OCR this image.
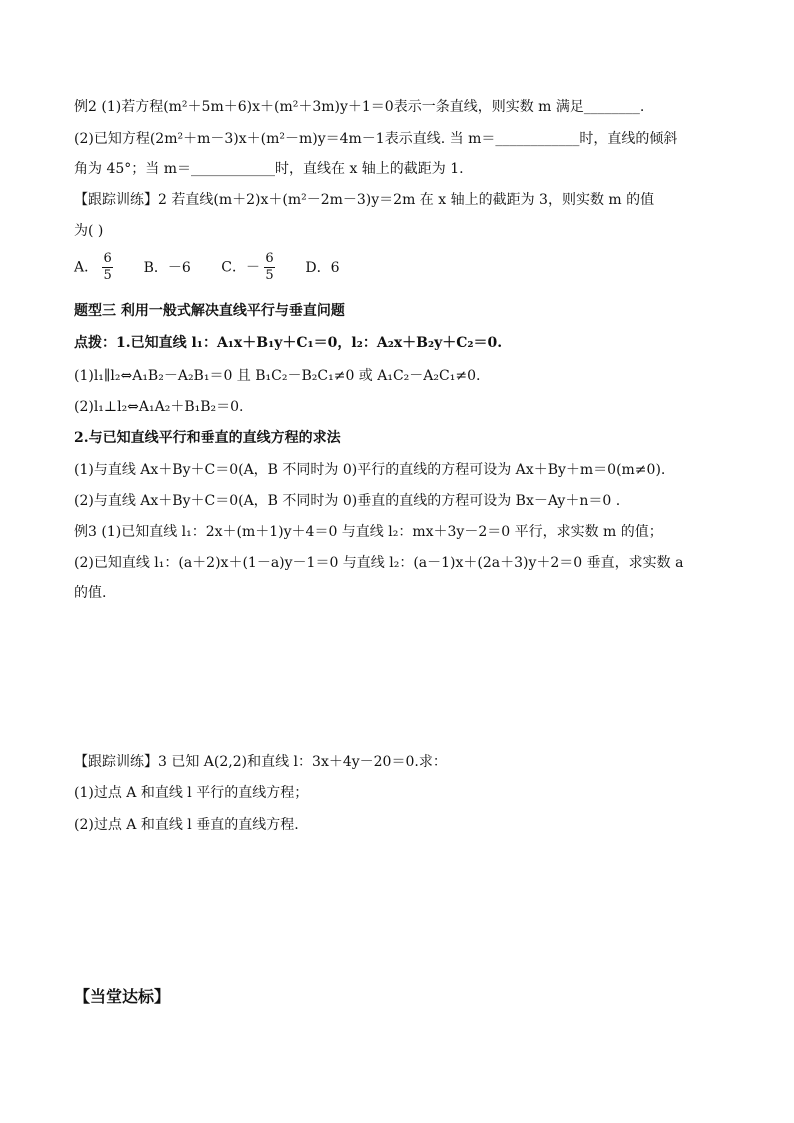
例2 (1)若方程(m²＋5m＋6)x＋(m²＋3m)y＋1＝0表示一条直线，则实数 m 满足________.
(2)已知方程(2m²＋m－3)x＋(m²－m)y＝4m－1表示直线. 当 m＝____________时，直线的倾斜
角为 45°；当 m＝____________时，直线在 x 轴上的截距为 1.
【跟踪训练】2 若直线(m＋2)x＋(m²－2m－3)y＝2m 在 x 轴上的截距为 3，则实数 m 的值
为( )
A． $\frac{6}{5}$ B．－6 C．－ $\frac{6}{5}$ D．6
题型三 利用一般式解决直线平行与垂直问题
点拨：1.已知直线 l₁：A₁x＋B₁y＋C₁＝0，l₂：A₂x＋B₂y＋C₂＝0.
(1)l₁∥l₂⇔A₁B₂－A₂B₁＝0 且 B₁C₂－B₂C₁≠0 或 A₁C₂－A₂C₁≠0.
(2)l₁⊥l₂⇔A₁A₂＋B₁B₂＝0.
2.与已知直线平行和垂直的直线方程的求法
(1)与直线 Ax＋By＋C＝0(A，B 不同时为 0)平行的直线的方程可设为 Ax＋By＋m＝0(m≠0).
(2)与直线 Ax＋By＋C＝0(A，B 不同时为 0)垂直的直线的方程可设为 Bx－Ay＋n＝0 .
例3 (1)已知直线 l₁：2x＋(m＋1)y＋4＝0 与直线 l₂：mx＋3y－2＝0 平行，求实数 m 的值；
(2)已知直线 l₁：(a＋2)x＋(1－a)y－1＝0 与直线 l₂：(a－1)x＋(2a＋3)y＋2＝0 垂直，求实数 a
的值.
【跟踪训练】3 已知 A(2,2)和直线 l：3x＋4y－20＝0.求：
(1)过点 A 和直线 l 平行的直线方程；
(2)过点 A 和直线 l 垂直的直线方程.
【当堂达标】
